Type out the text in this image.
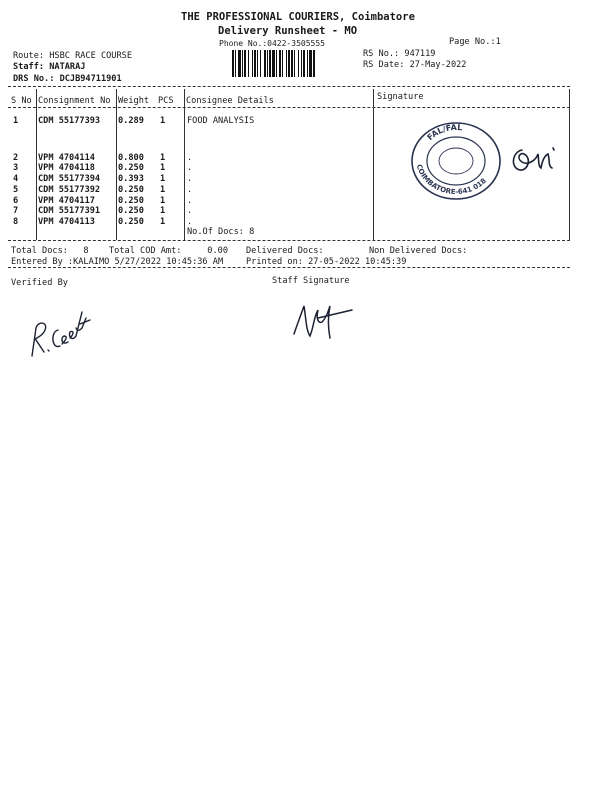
THE PROFESSIONAL COURIERS, Coimbatore
Delivery Runsheet - MO
Phone No.:0422-3505555	Page No.:1
Route: HSBC RACE COURSE
Staff: NATARAJ
DRS No.: DCJB94711901
RS No.: 947119
RS Date: 27-May-2022
S No Consignment No Weight PCS Consignee Details	Signature
1 CDM 55177393 0.289 1	FOOD ANALYSIS
2 VPM 4704114	0.800 1	.
3 VPM 4704118	0.250 1	.
4 CDM 55177394 0.393 1	.
5 CDM 55177392 0.250 1	.
6 VPM 4704117	0.250 1	.
7 CDM 55177391 0.250 1	.
8 VPM 4704113	0.250 1	.
No.Of Docs: 8
FAL/FAL
COIMBATORE-641 018
Total Docs:   8 Total COD Amt:     0.00 Delivered Docs:	Non Delivered Docs:
Entered By :KALAIMO 5/27/2022 10:45:36 AM	Printed on: 27-05-2022 10:45:39
Verified By	Staff Signature
